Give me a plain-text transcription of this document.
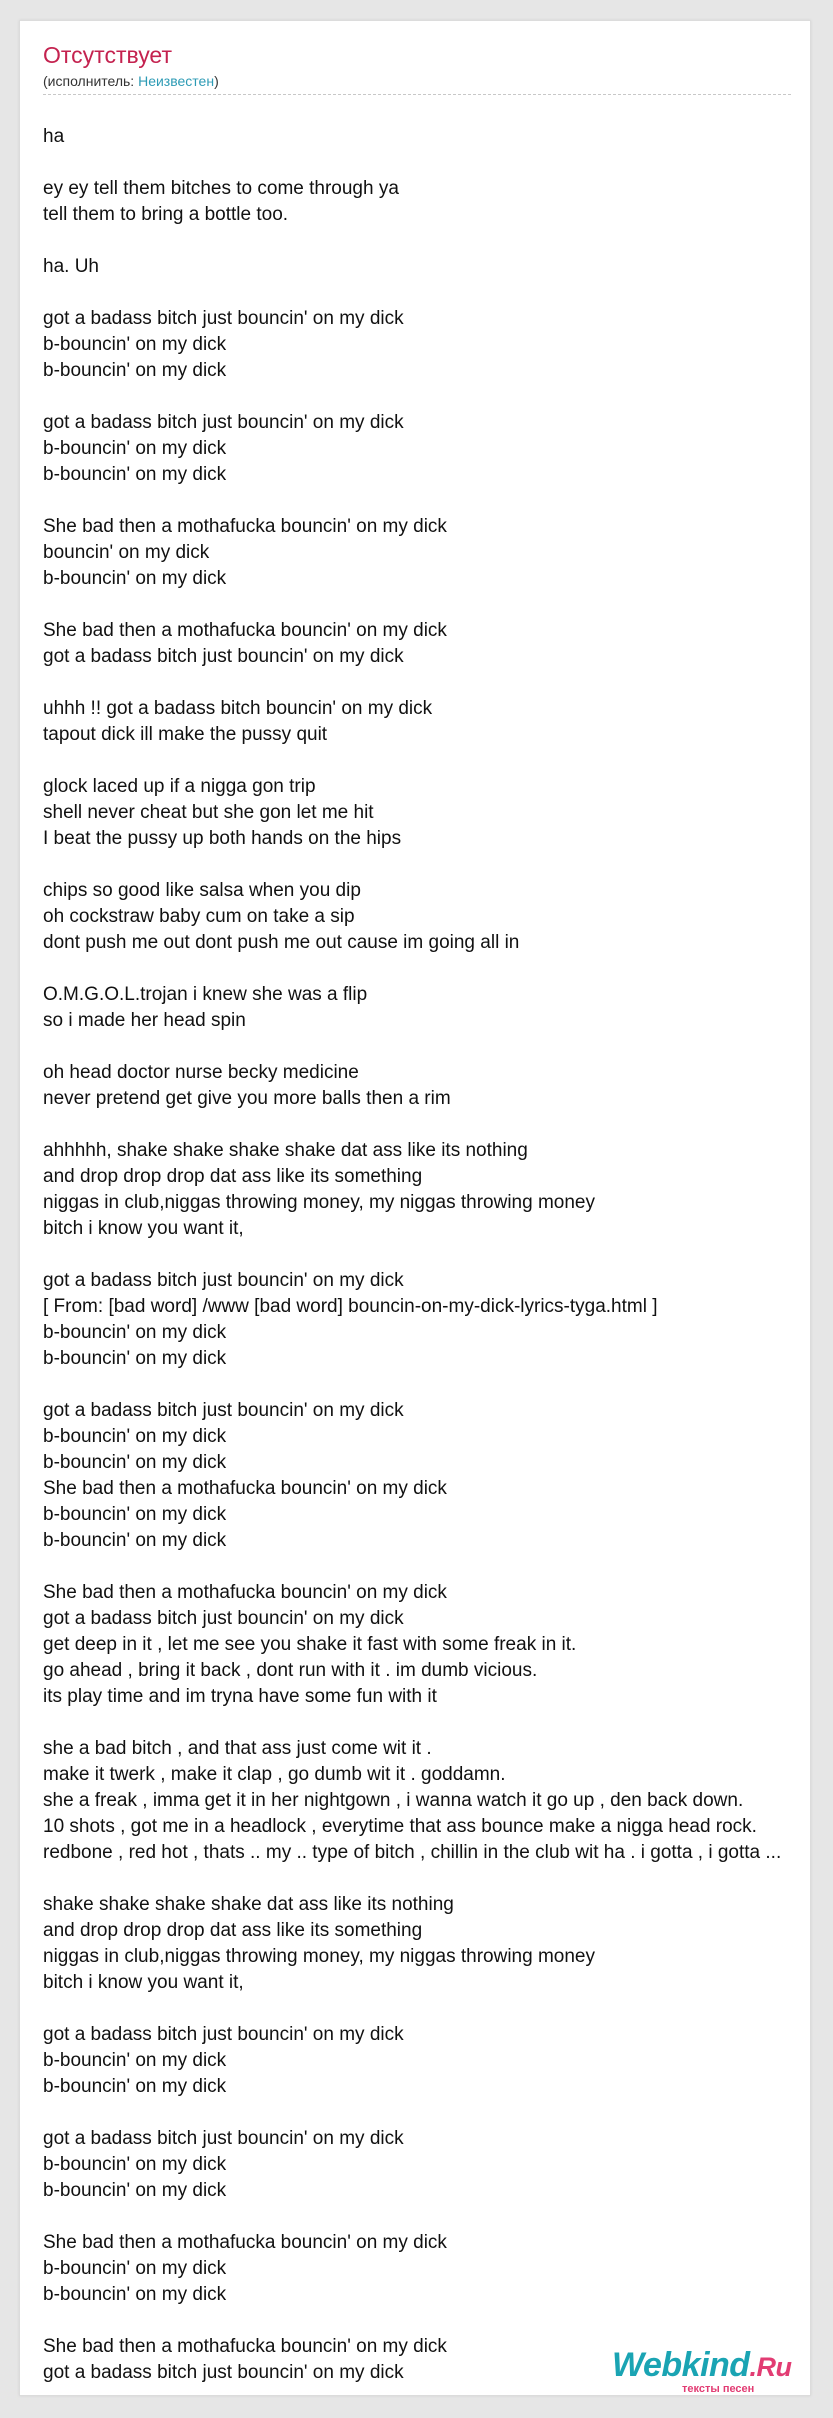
Отсутствует
(исполнитель: Неизвестен)
ha
ey ey tell them bitches to come through ya
tell them to bring a bottle too.
ha. Uh
got a badass bitch just bouncin' on my dick
b-bouncin' on my dick
b-bouncin' on my dick
got a badass bitch just bouncin' on my dick
b-bouncin' on my dick
b-bouncin' on my dick
She bad then a mothafucka bouncin' on my dick
bouncin' on my dick
b-bouncin' on my dick
She bad then a mothafucka bouncin' on my dick
got a badass bitch just bouncin' on my dick
uhhh !! got a badass bitch bouncin' on my dick
tapout dick ill make the pussy quit
glock laced up if a nigga gon trip
shell never cheat but she gon let me hit
I beat the pussy up both hands on the hips
chips so good like salsa when you dip
oh cockstraw baby cum on take a sip
dont push me out dont push me out cause im going all in
O.M.G.O.L.trojan i knew she was a flip
so i made her head spin
oh head doctor nurse becky medicine
never pretend get give you more balls then a rim
ahhhhh, shake shake shake shake dat ass like its nothing
and drop drop drop dat ass like its something
niggas in club,niggas throwing money, my niggas throwing money
bitch i know you want it,
got a badass bitch just bouncin' on my dick
[ From: [bad word] /www [bad word] bouncin-on-my-dick-lyrics-tyga.html ]
b-bouncin' on my dick
b-bouncin' on my dick
got a badass bitch just bouncin' on my dick
b-bouncin' on my dick
b-bouncin' on my dick
She bad then a mothafucka bouncin' on my dick
b-bouncin' on my dick
b-bouncin' on my dick
She bad then a mothafucka bouncin' on my dick
got a badass bitch just bouncin' on my dick
get deep in it , let me see you shake it fast with some freak in it.
go ahead , bring it back , dont run with it . im dumb vicious.
its play time and im tryna have some fun with it
she a bad bitch , and that ass just come wit it .
make it twerk , make it clap , go dumb wit it . goddamn.
she a freak , imma get it in her nightgown , i wanna watch it go up , den back down.
10 shots , got me in a headlock , everytime that ass bounce make a nigga head rock.
redbone , red hot , thats .. my .. type of bitch , chillin in the club wit ha . i gotta , i gotta ...
shake shake shake shake dat ass like its nothing
and drop drop drop dat ass like its something
niggas in club,niggas throwing money, my niggas throwing money
bitch i know you want it,
got a badass bitch just bouncin' on my dick
b-bouncin' on my dick
b-bouncin' on my dick
got a badass bitch just bouncin' on my dick
b-bouncin' on my dick
b-bouncin' on my dick
She bad then a mothafucka bouncin' on my dick
b-bouncin' on my dick
b-bouncin' on my dick
She bad then a mothafucka bouncin' on my dick
got a badass bitch just bouncin' on my dick	Webkind.Ru
тексты песен
